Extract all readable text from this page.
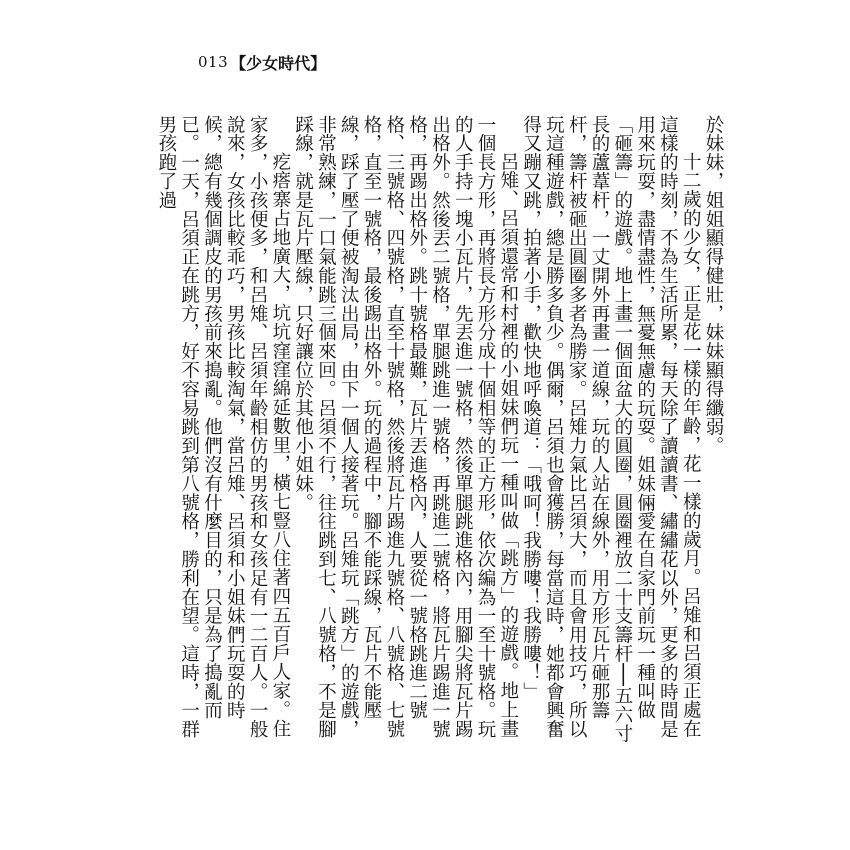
013 【少女時代】

於妹妹，姐姐顯得健壯，妹妹顯得纖弱。

十二歲的少女，正是花一樣的年齡，花一樣的歲月。呂雉和呂須正處在這樣的時刻，不為生活所累，每天除了讀讀書、繡繡花以外，更多的時間是用來玩耍，盡情盡性，無憂無慮的玩耍。姐妹倆愛在自家門前玩一種叫做「砸籌」的遊戲。地上畫一個面盆大的圓圈，圓圈裡放二十支籌杆──五六寸長的蘆葦杆，一丈開外再畫一道線，玩的人站在線外，用方形瓦片砸那籌杆，籌杆被砸出圓圈多者為勝家。呂雉力氣比呂須大，而且會用技巧，所以玩這種遊戲，總是勝多負少。偶爾，呂須也會獲勝，每當這時，她都會興奮得又蹦又跳，拍著小手，歡快地呼喚道：「哦呵！我勝嘍！我勝嘍！」

呂雉、呂須還常和村裡的小姐妹們玩一種叫做「跳方」的遊戲。地上畫一個長方形，再將長方形分成十個相等的正方形，依次編為一至十號格。玩的人手持一塊小瓦片，先丟進一號格，然後單腿跳進格內，用腳尖將瓦片踢出格外。然後丟二號格，單腿跳進一號格，再跳進二號格，將瓦片踢進一號格，再踢出格外。跳十號格最難，瓦片丟進格內，人要從一號格跳進二號格、三號格、四號格，直至十號格，然後將瓦片踢進九號格、八號格、七號格，直至一號格，最後踢出格外。玩的過程中，腳不能踩線，瓦片不能壓線，踩了壓了便被淘汰出局，由下一個人接著玩。呂雉玩「跳方」的遊戲，非常熟練，一口氣能跳三個來回。呂須不行，往往跳到七、八號格，不是腳踩線，就是瓦片壓線，只好讓位於其他小姐妹。

疙瘩寨占地廣大，坑坑窪窪綿延數里，橫七豎八住著四五百戶人家。住家多，小孩便多，和呂雉、呂須年齡相仿的男孩和女孩足有一二百人。一般說來，女孩比較乖巧，男孩比較淘氣，當呂雉、呂須和小姐妹們玩耍的時候，總有幾個調皮的男孩前來搗亂。他們沒有什麼目的，只是為了搗亂而已。一天，呂須正在跳方，好不容易跳到第八號格，勝利在望。這時，一群男孩跑了過
